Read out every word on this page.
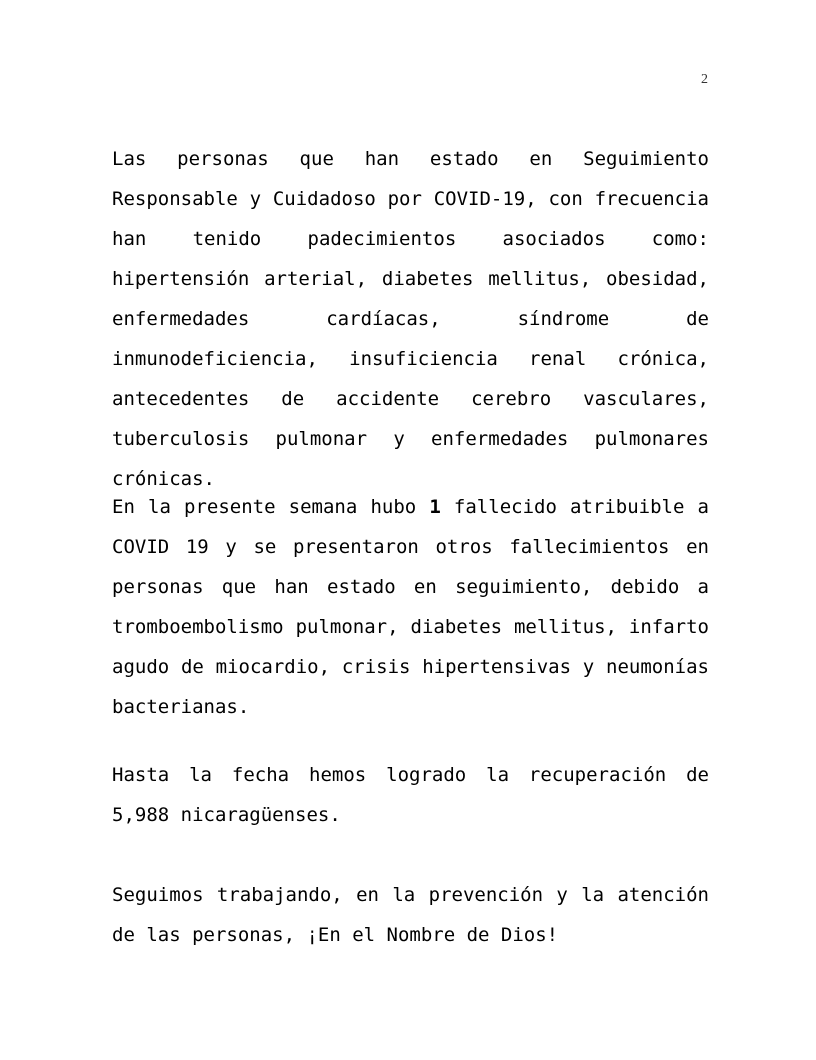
2

Las personas que han estado en Seguimiento Responsable y Cuidadoso por COVID-19, con frecuencia han tenido padecimientos asociados como: hipertensión arterial, diabetes mellitus, obesidad, enfermedades cardíacas, síndrome de inmunodeficiencia, insuficiencia renal crónica, antecedentes de accidente cerebro vasculares, tuberculosis pulmonar y enfermedades pulmonares crónicas.

En la presente semana hubo 1 fallecido atribuible a COVID 19 y se presentaron otros fallecimientos en personas que han estado en seguimiento, debido a tromboembolismo pulmonar, diabetes mellitus, infarto agudo de miocardio, crisis hipertensivas y neumonías bacterianas.

Hasta la fecha hemos logrado la recuperación de 5,988 nicaragüenses.

Seguimos trabajando, en la prevención y la atención de las personas, ¡En el Nombre de Dios!
